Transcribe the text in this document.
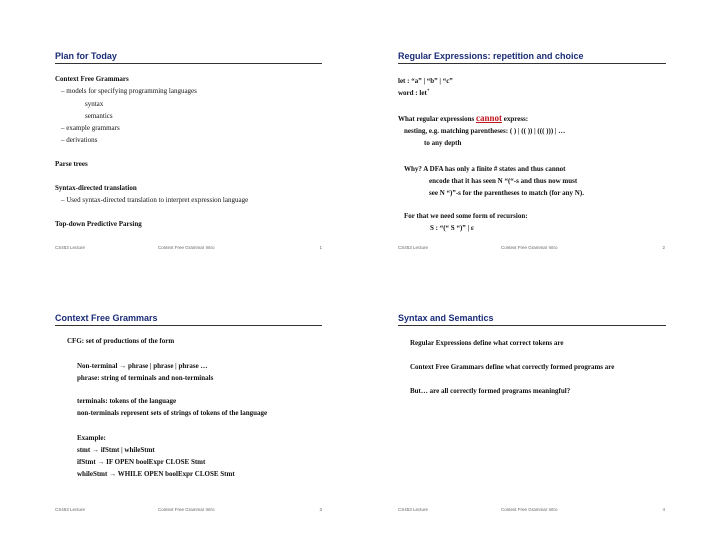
Plan for Today
Context Free Grammars
– models for specifying programming languages
syntax
semantics
– example grammars
– derivations
Parse trees
Syntax-directed translation
– Used syntax-directed translation to interpret expression language
Top-down Predictive Parsing
CS453 Lecture	Context Free Grammar Intro	1
Regular Expressions: repetition and choice
let : “a” | “b” | “c”
word : let+
What regular expressions cannot express:
nesting, e.g. matching parentheses: ( ) | (( )) | ((( ))) | …
to any depth
Why? A DFA has only a finite # states and thus cannot
encode that it has seen N “(“-s and thus now must
see N “)”-s for the parentheses to match (for any N).
For that we need some form of recursion:
S : “(“ S “)” | ε
CS453 Lecture	Context Free Grammar Intro	2
Context Free Grammars
CFG: set of productions of the form
Non-terminal → phrase | phrase | phrase …
phrase: string of terminals and non-terminals
terminals: tokens of the language
non-terminals represent sets of strings of tokens of the language
Example:
stmt → ifStmt | whileStmt
ifStmt → IF OPEN boolExpr CLOSE Stmt
whileStmt → WHILE OPEN boolExpr CLOSE Stmt
CS453 Lecture	Context Free Grammar Intro	3
Syntax and Semantics
Regular Expressions define what correct tokens are
Context Free Grammars define what correctly formed programs are
But… are all correctly formed programs meaningful?
CS453 Lecture	Context Free Grammar Intro	4
